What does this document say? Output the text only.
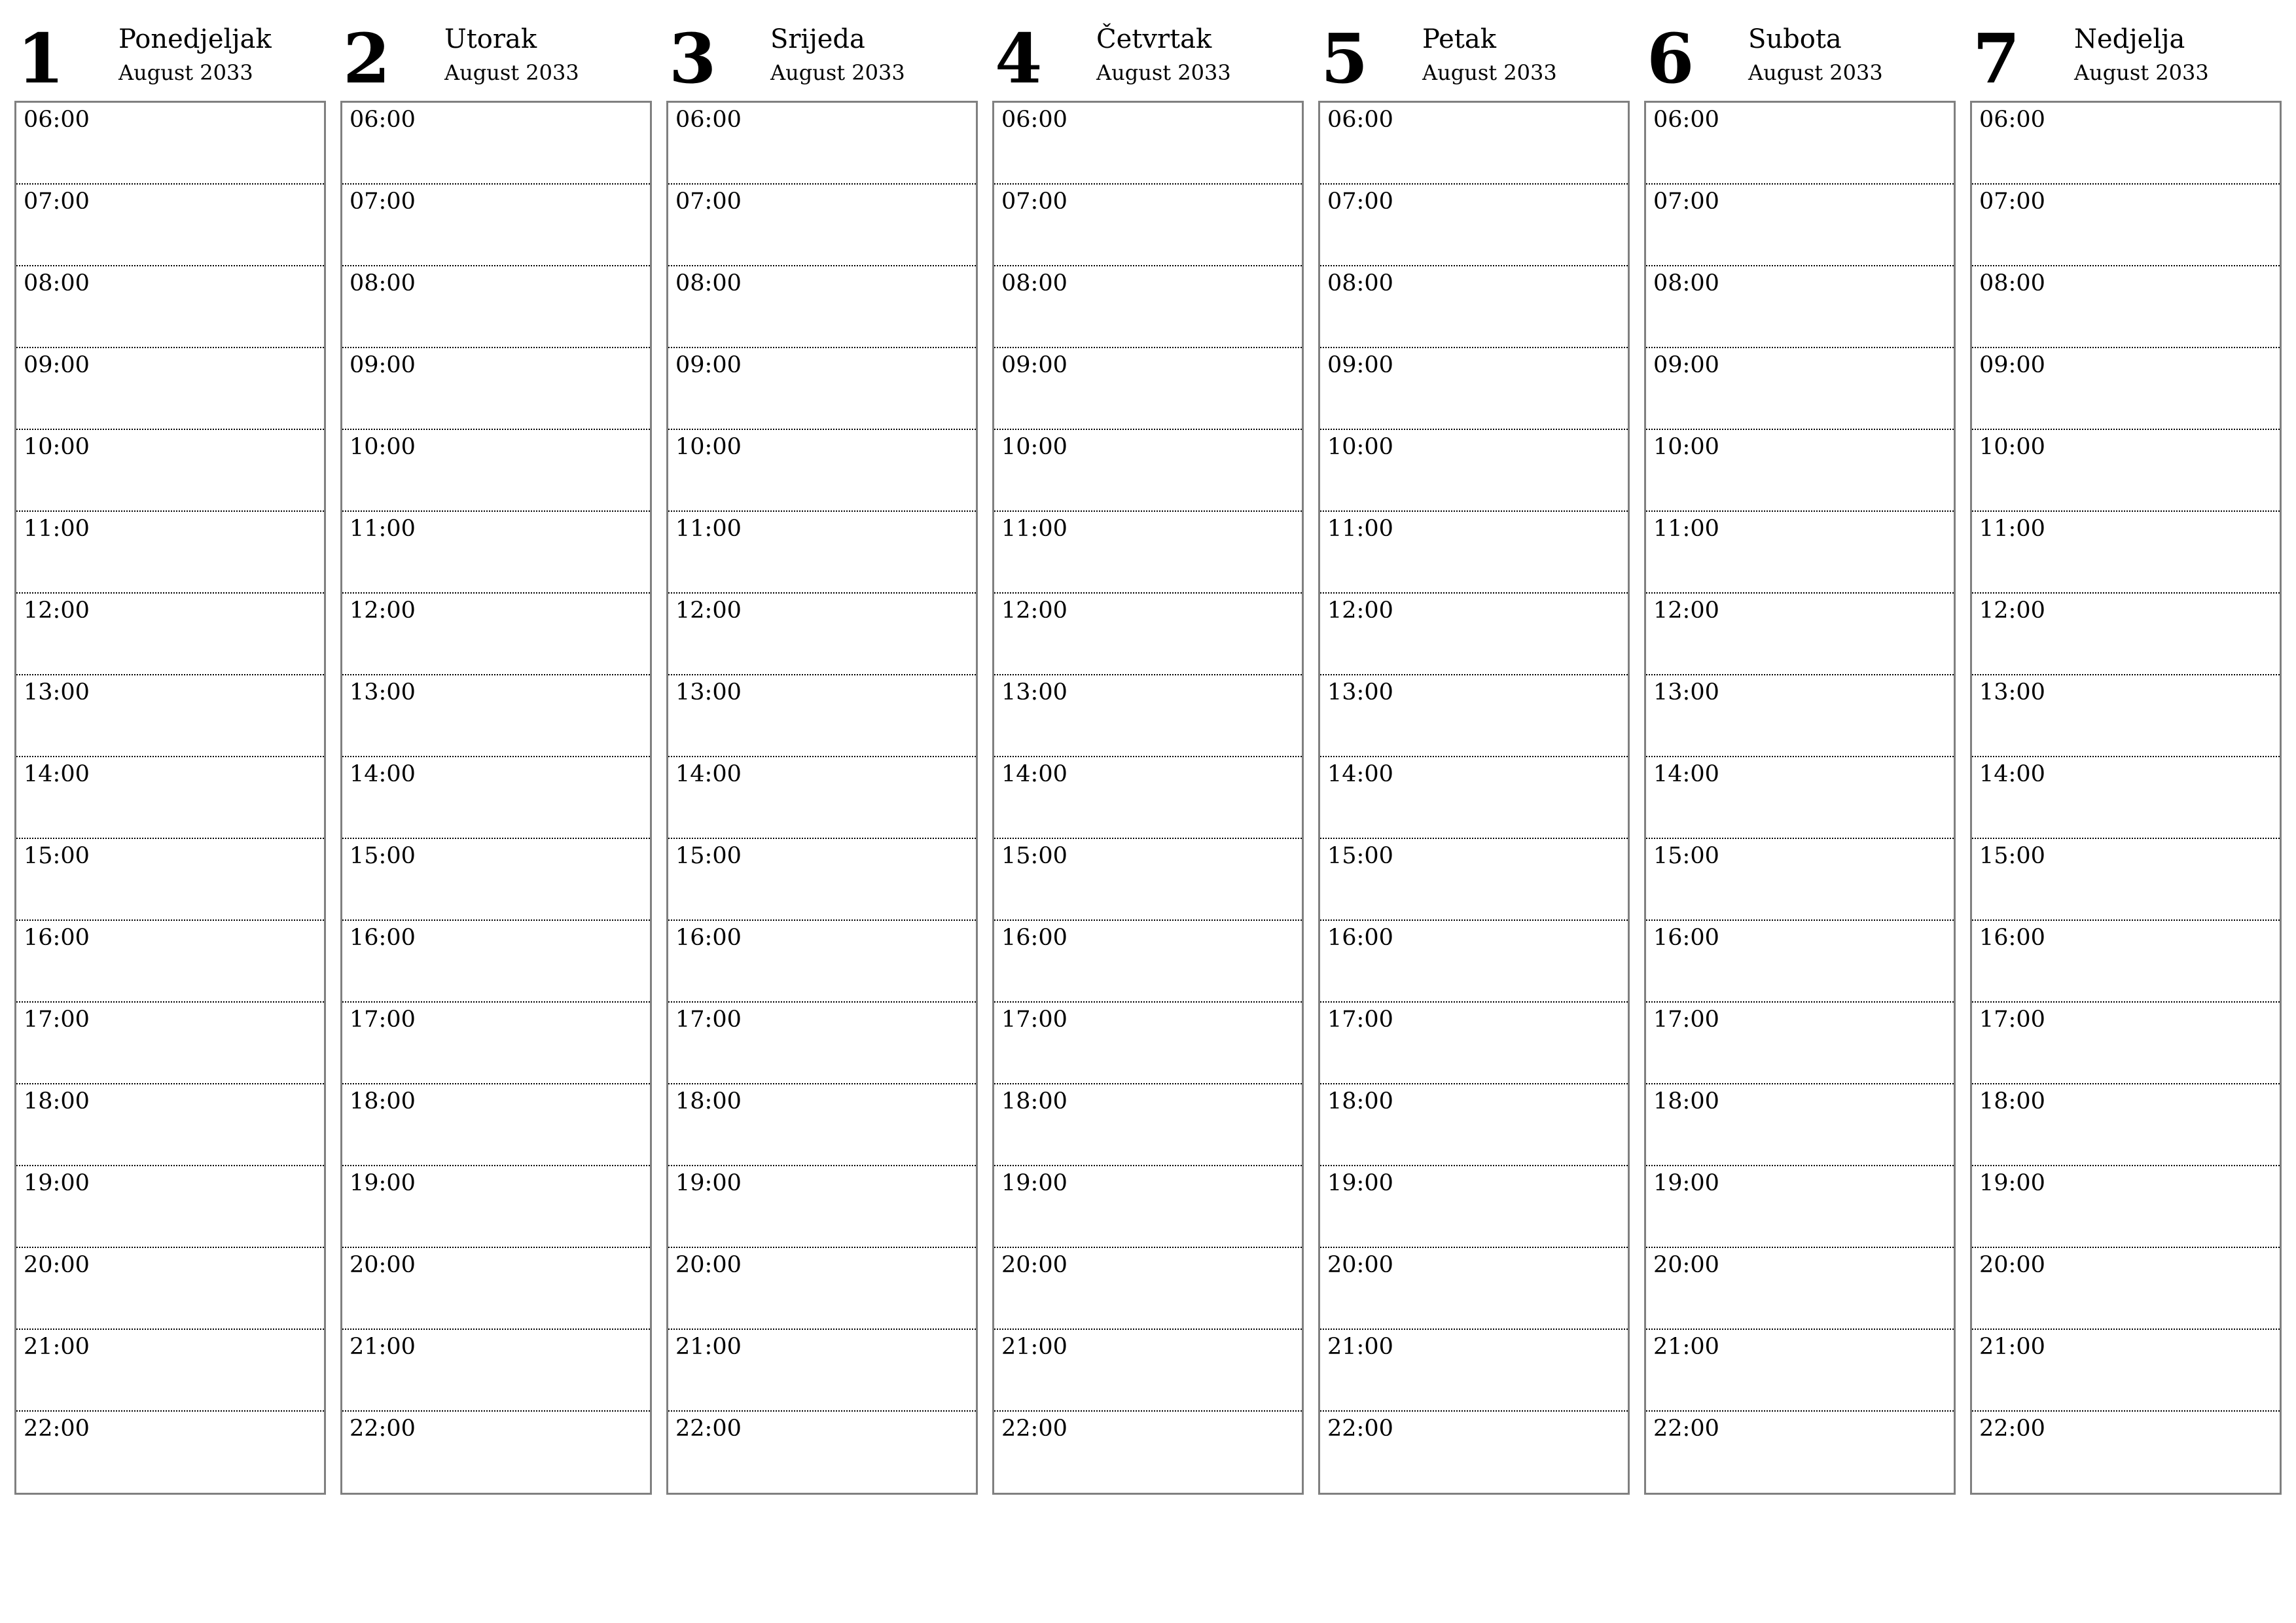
1 Ponedjeljak
August 2033
06:00
07:00
08:00
09:00
10:00
11:00
12:00
13:00
14:00
15:00
16:00
17:00
18:00
19:00
20:00
21:00
22:00
2 Utorak
August 2033
06:00
07:00
08:00
09:00
10:00
11:00
12:00
13:00
14:00
15:00
16:00
17:00
18:00
19:00
20:00
21:00
22:00
3 Srijeda
August 2033
06:00
07:00
08:00
09:00
10:00
11:00
12:00
13:00
14:00
15:00
16:00
17:00
18:00
19:00
20:00
21:00
22:00
4 Četvrtak
August 2033
06:00
07:00
08:00
09:00
10:00
11:00
12:00
13:00
14:00
15:00
16:00
17:00
18:00
19:00
20:00
21:00
22:00
5 Petak
August 2033
06:00
07:00
08:00
09:00
10:00
11:00
12:00
13:00
14:00
15:00
16:00
17:00
18:00
19:00
20:00
21:00
22:00
6 Subota
August 2033
06:00
07:00
08:00
09:00
10:00
11:00
12:00
13:00
14:00
15:00
16:00
17:00
18:00
19:00
20:00
21:00
22:00
7 Nedjelja
August 2033
06:00
07:00
08:00
09:00
10:00
11:00
12:00
13:00
14:00
15:00
16:00
17:00
18:00
19:00
20:00
21:00
22:00
